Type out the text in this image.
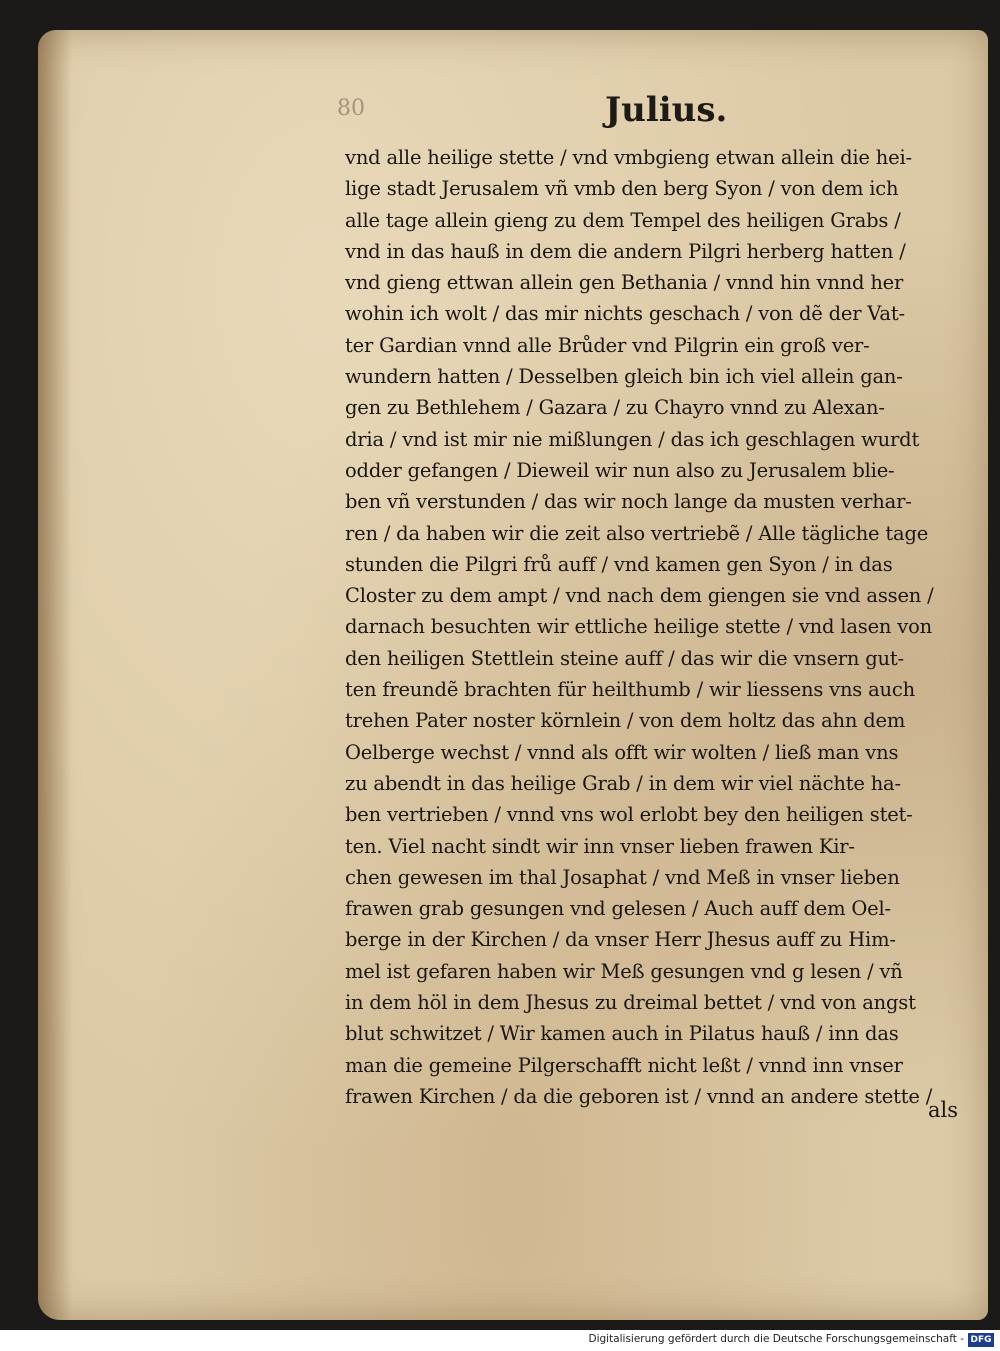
80	Julius.
vnd alle heilige stette / vnd vmbgieng etwan allein die hei-
lige stadt Jerusalem vñ vmb den berg Syon / von dem ich
alle tage allein gieng zu dem Tempel des heiligen Grabs /
vnd in das hauß in dem die andern Pilgri herberg hatten /
vnd gieng ettwan allein gen Bethania / vnnd hin vnnd her
wohin ich wolt / das mir nichts geschach / von dẽ der Vat-
ter Gardian vnnd alle Brůder vnd Pilgrin ein groß ver-
wundern hatten / Desselben gleich bin ich viel allein gan-
gen zu Bethlehem / Gazara / zu Chayro vnnd zu Alexan-
dria / vnd ist mir nie mißlungen / das ich geschlagen wurdt
odder gefangen / Dieweil wir nun also zu Jerusalem blie-
ben vñ verstunden / das wir noch lange da musten verhar-
ren / da haben wir die zeit also vertriebẽ / Alle tägliche tage
stunden die Pilgri frů auff / vnd kamen gen Syon / in das
Closter zu dem ampt / vnd nach dem giengen sie vnd assen /
darnach besuchten wir ettliche heilige stette / vnd lasen von
den heiligen Stettlein steine auff / das wir die vnsern gut-
ten freundẽ brachten für heilthumb / wir liessens vns auch
trehen Pater noster körnlein / von dem holtz das ahn dem
Oelberge wechst / vnnd als offt wir wolten / ließ man vns
zu abendt in das heilige Grab / in dem wir viel nächte ha-
ben vertrieben / vnnd vns wol erlobt bey den heiligen stet-
ten. Viel nacht sindt wir inn vnser lieben frawen Kir-
chen gewesen im thal Josaphat / vnd Meß in vnser lieben
frawen grab gesungen vnd gelesen / Auch auff dem Oel-
berge in der Kirchen / da vnser Herr Jhesus auff zu Him-
mel ist gefaren haben wir Meß gesungen vnd g lesen / vñ
in dem höl in dem Jhesus zu dreimal bettet / vnd von angst
blut schwitzet / Wir kamen auch in Pilatus hauß / inn das
man die gemeine Pilgerschafft nicht leßt / vnnd inn vnser
frawen Kirchen / da die geboren ist / vnnd an andere stette /
als
Digitalisierung gefördert durch die Deutsche Forschungsgemeinschaft - DFG
